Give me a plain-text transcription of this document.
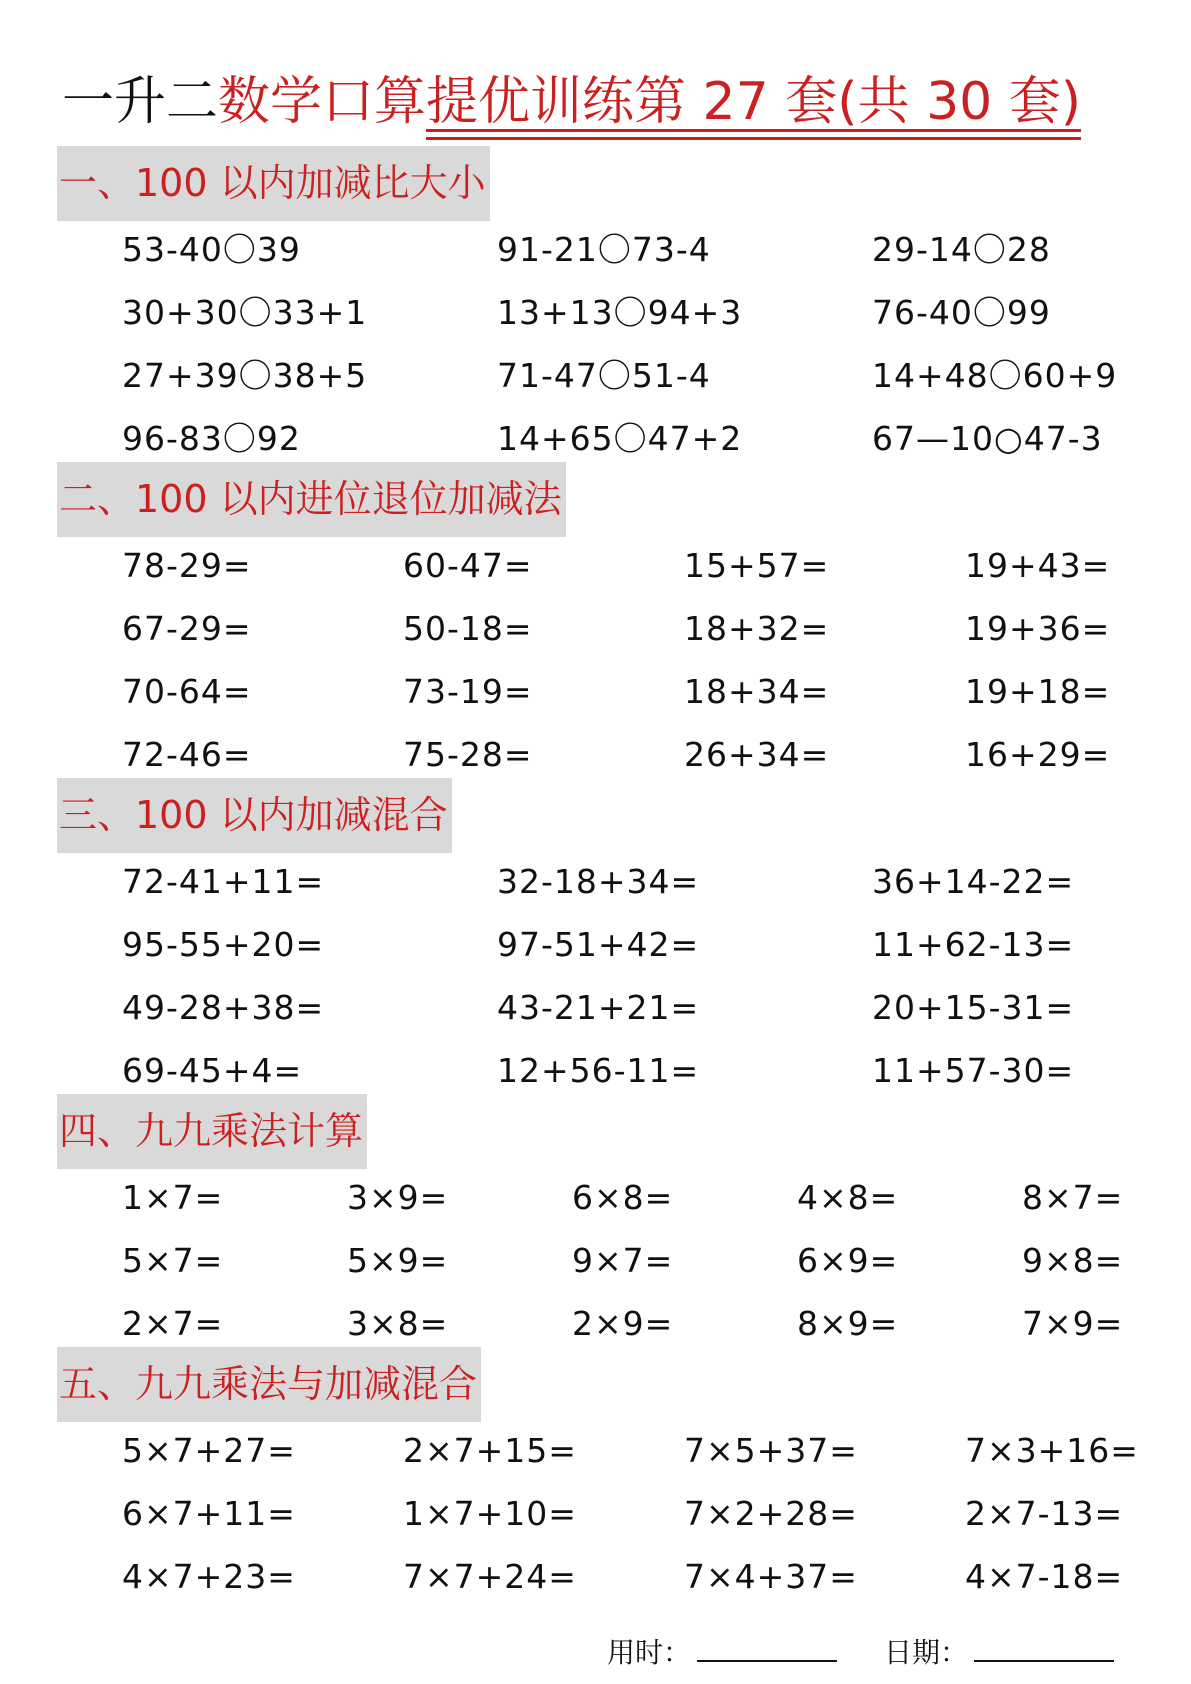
一升二数学口算提优训练第 27 套(共 30 套)
一、100 以内加减比大小
53-40〇39	91-21〇73-4	29-14〇28
30+30〇33+1	13+13〇94+3	76-40〇99
27+39〇38+5	71-47〇51-4	14+48〇60+9
96-83〇92	14+65〇47+2	67—10○47-3
二、100 以内进位退位加减法
78-29=	60-47=	15+57=	19+43=
67-29=	50-18=	18+32=	19+36=
70-64=	73-19=	18+34=	19+18=
72-46=	75-28=	26+34=	16+29=
三、100 以内加减混合
72-41+11=	32-18+34=	36+14-22=
95-55+20=	97-51+42=	11+62-13=
49-28+38=	43-21+21=	20+15-31=
69-45+4=	12+56-11=	11+57-30=
四、九九乘法计算
1×7=	3×9=	6×8=	4×8=	8×7=
5×7=	5×9=	9×7=	6×9=	9×8=
2×7=	3×8=	2×9=	8×9=	7×9=
五、九九乘法与加减混合
5×7+27=	2×7+15=	7×5+37=	7×3+16=
6×7+11=	1×7+10=	7×2+28=	2×7-13=
4×7+23=	7×7+24=	7×4+37=	4×7-18=
用时：	日期：
